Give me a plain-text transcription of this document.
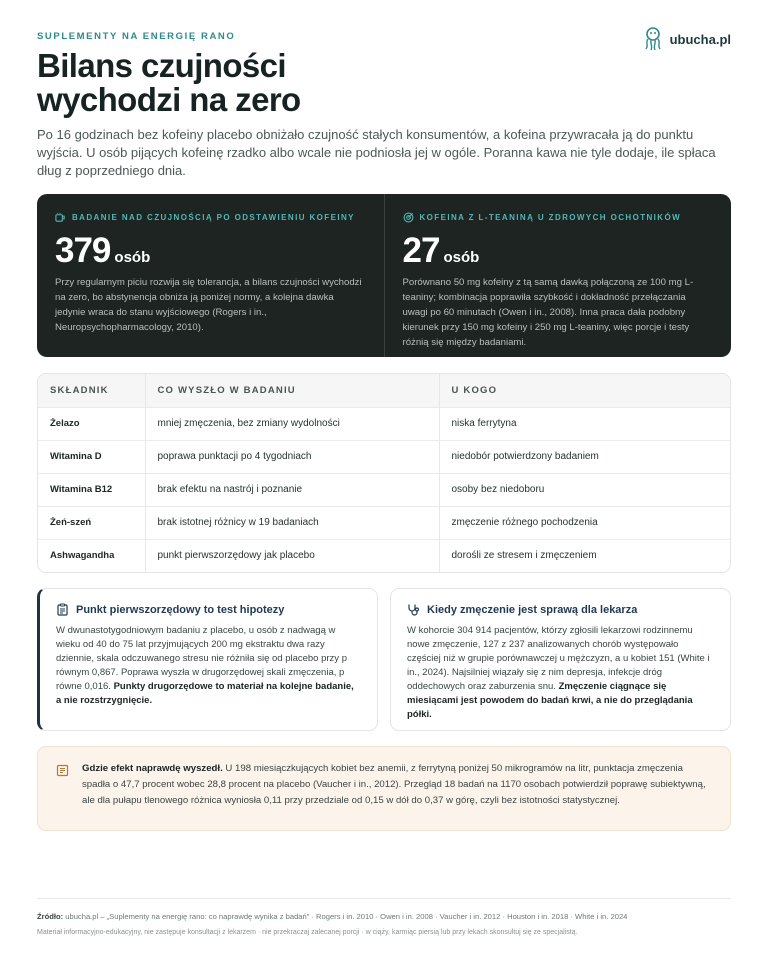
SUPLEMENTY NA ENERGIĘ RANO	ubucha.pl
Bilans czujności wychodzi na zero

Po 16 godzinach bez kofeiny placebo obniżało czujność stałych konsumentów, a kofeina przywracała ją do punktu wyjścia. U osób pijących kofeinę rzadko albo wcale nie podniosła jej w ogóle. Poranna kawa nie tyle dodaje, ile spłaca dług z poprzedniego dnia.

BADANIE NAD CZUJNOŚCIĄ PO ODSTAWIENIU KOFEINY
379 osób

Przy regularnym piciu rozwija się tolerancja, a bilans czujności wychodzi na zero, bo abstynencja obniża ją poniżej normy, a kolejna dawka jedynie wraca do stanu wyjściowego (Rogers i in., Neuropsychopharmacology, 2010).

KOFEINA Z L-TEANINĄ U ZDROWYCH OCHOTNIKÓW
27 osób

Porównano 50 mg kofeiny z tą samą dawką połączoną ze 100 mg L-teaniny; kombinacja poprawiła szybkość i dokładność przełączania uwagi po 60 minutach (Owen i in., 2008). Inna praca dała podobny kierunek przy 150 mg kofeiny i 250 mg L-teaniny, więc porcje i testy różnią się między badaniami.

SKŁADNIK	CO WYSZŁO W BADANIU	U KOGO
Żelazo	mniej zmęczenia, bez zmiany wydolności	niska ferrytyna
Witamina D	poprawa punktacji po 4 tygodniach	niedobór potwierdzony badaniem
Witamina B12	brak efektu na nastrój i poznanie	osoby bez niedoboru
Żeń-szeń	brak istotnej różnicy w 19 badaniach	zmęczenie różnego pochodzenia
Ashwagandha	punkt pierwszorzędowy jak placebo	dorośli ze stresem i zmęczeniem
Punkt pierwszorzędowy to test hipotezy

W dwunastotygodniowym badaniu z placebo, u osób z nadwagą w wieku od 40 do 75 lat przyjmujących 200 mg ekstraktu dwa razy dziennie, skala odczuwanego stresu nie różniła się od placebo przy p równym 0,867. Poprawa wyszła w drugorzędowej skali zmęczenia, p równe 0,016. Punkty drugorzędowe to materiał na kolejne badanie, a nie rozstrzygnięcie.

Kiedy zmęczenie jest sprawą dla lekarza

W kohorcie 304 914 pacjentów, którzy zgłosili lekarzowi rodzinnemu nowe zmęczenie, 127 z 237 analizowanych chorób występowało częściej niż w grupie porównawczej u mężczyzn, a u kobiet 151 (White i in., 2024). Najsilniej wiązały się z nim depresja, infekcje dróg oddechowych oraz zaburzenia snu. Zmęczenie ciągnące się miesiącami jest powodem do badań krwi, a nie do przeglądania półki.

Gdzie efekt naprawdę wyszedł. U 198 miesiączkujących kobiet bez anemii, z ferrytyną poniżej 50 mikrogramów na litr, punktacja zmęczenia spadła o 47,7 procent wobec 28,8 procent na placebo (Vaucher i in., 2012). Przegląd 18 badań na 1170 osobach potwierdził poprawę subiektywną, ale dla pułapu tlenowego różnica wyniosła 0,11 przy przedziale od 0,15 w dół do 0,37 w górę, czyli bez istotności statystycznej.

Źródło: ubucha.pl – „Suplementy na energię rano: co naprawdę wynika z badań” · Rogers i in. 2010 · Owen i in. 2008 · Vaucher i in. 2012 · Houston i in. 2018 · White i in. 2024

Materiał informacyjno-edukacyjny, nie zastępuje konsultacji z lekarzem · nie przekraczaj zalecanej porcji · w ciąży, karmiąc piersią lub przy lekach skonsultuj się ze specjalistą.
